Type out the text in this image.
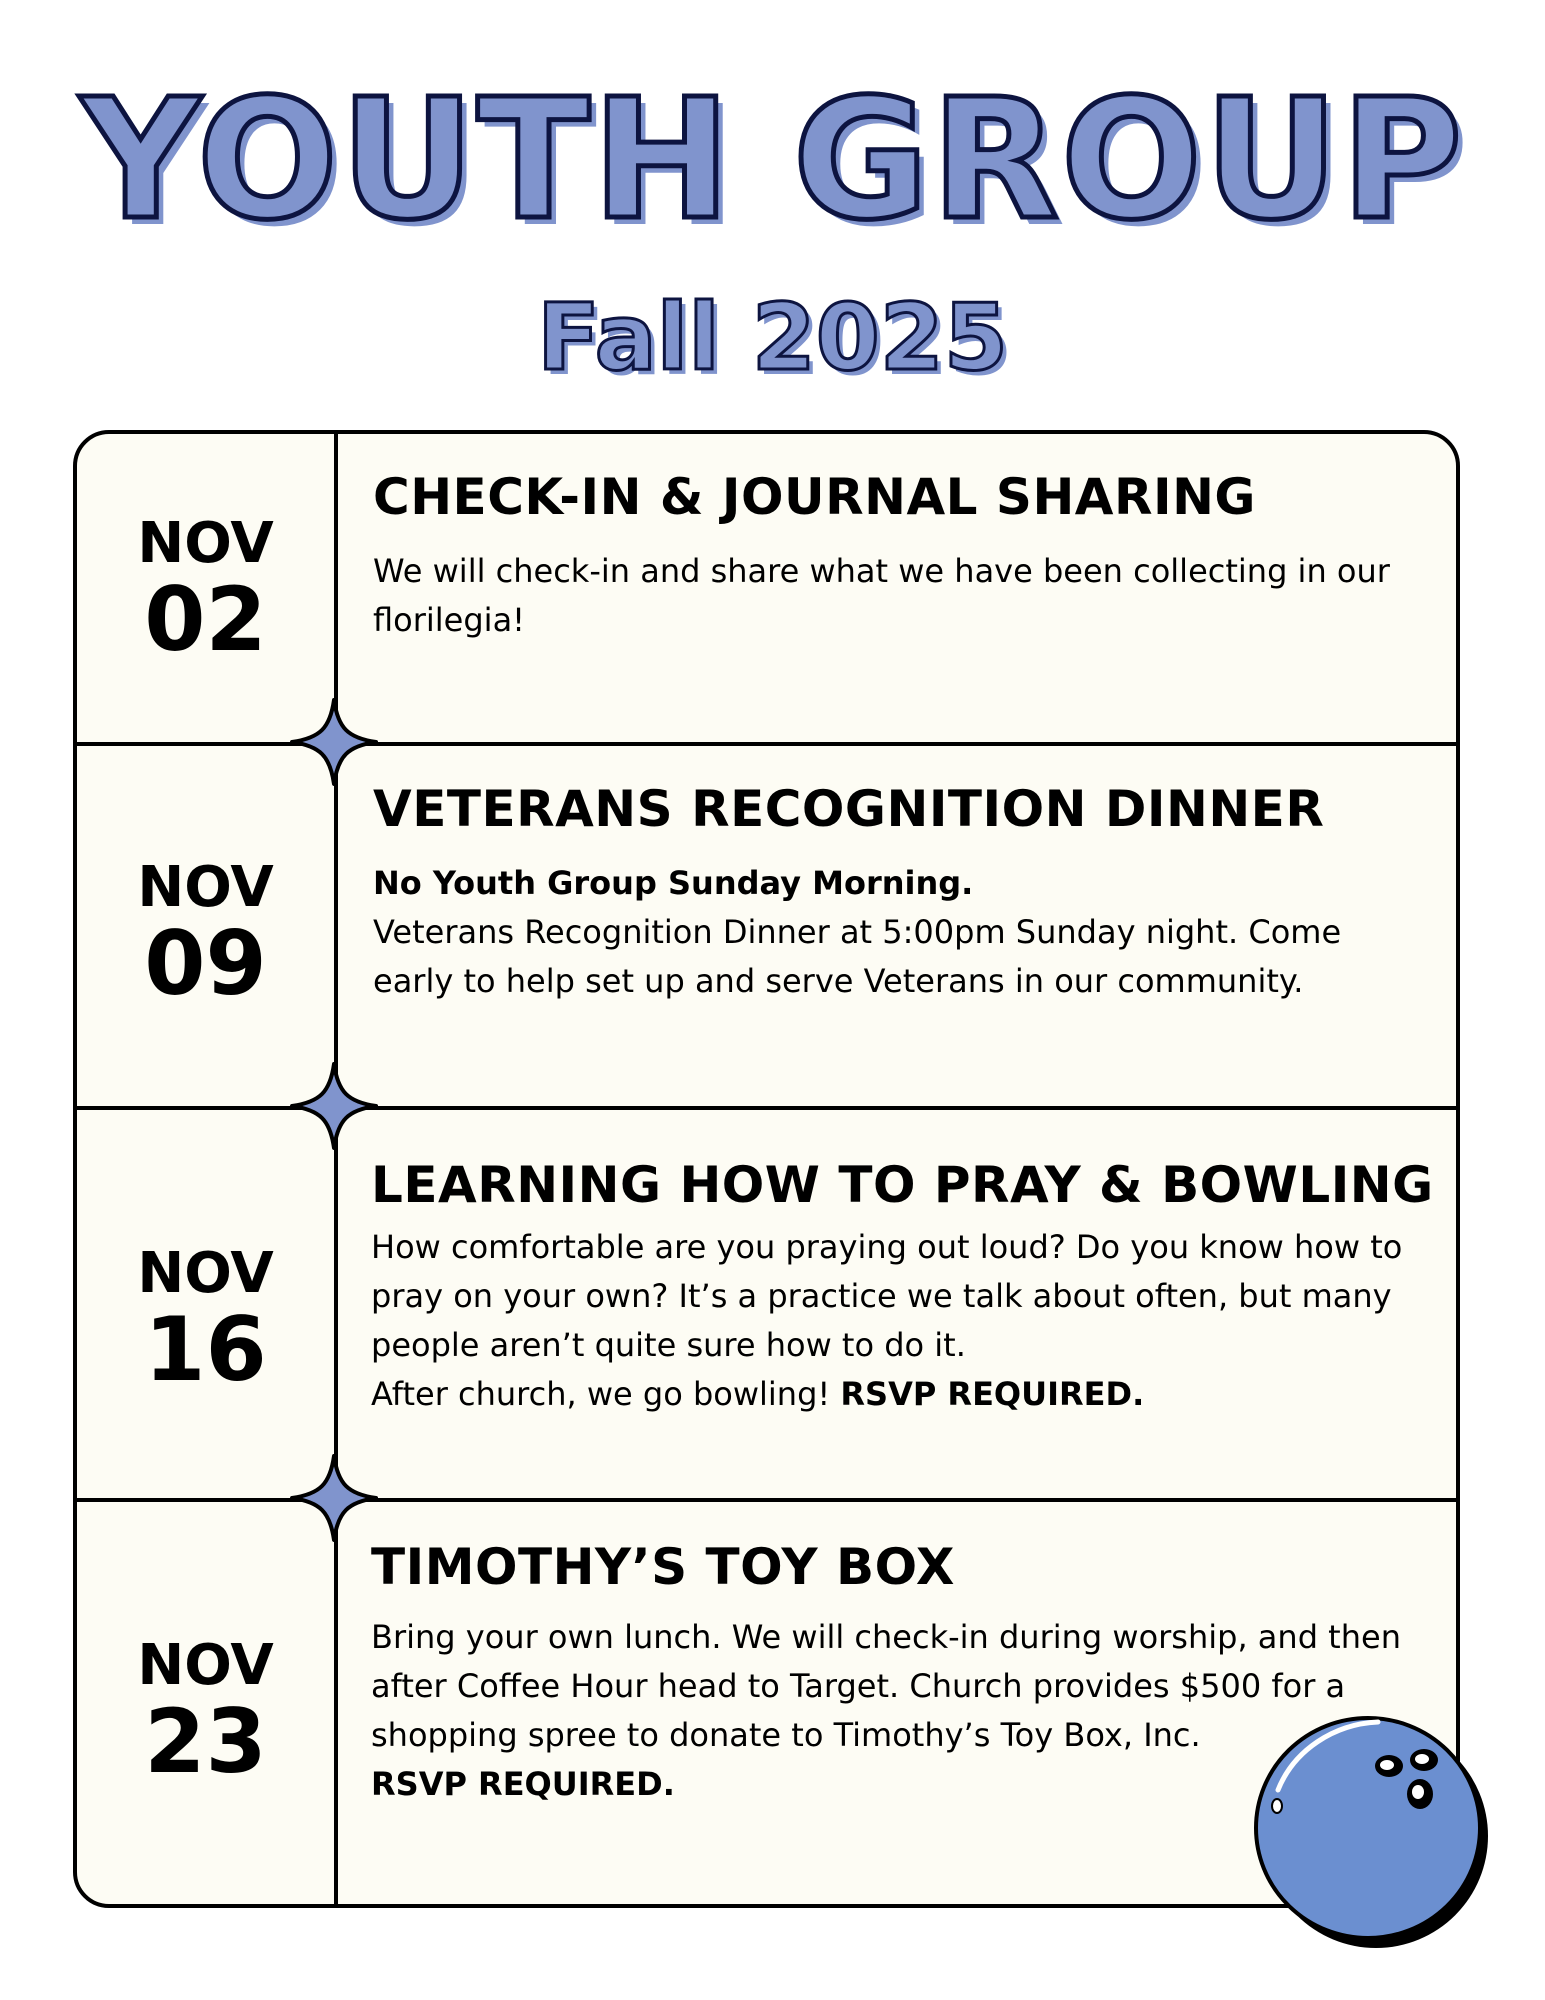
YOUTH GROUP
Fall 2025
NOV
02
CHECK-IN & JOURNAL SHARING

We will check-in and share what we have been collecting in our florilegia!

NOV
09
VETERANS RECOGNITION DINNER

No Youth Group Sunday Morning.

Veterans Recognition Dinner at 5:00pm Sunday night. Come early to help set up and serve Veterans in our community.

NOV
16
LEARNING HOW TO PRAY & BOWLING

How comfortable are you praying out loud? Do you know how to pray on your own? It’s a practice we talk about often, but many people aren’t quite sure how to do it.

After church, we go bowling! RSVP REQUIRED.

NOV
23
TIMOTHY’S TOY BOX

Bring your own lunch. We will check-in during worship, and then after Coffee Hour head to Target. Church provides $500 for a shopping spree to donate to Timothy’s Toy Box, Inc.

RSVP REQUIRED.
